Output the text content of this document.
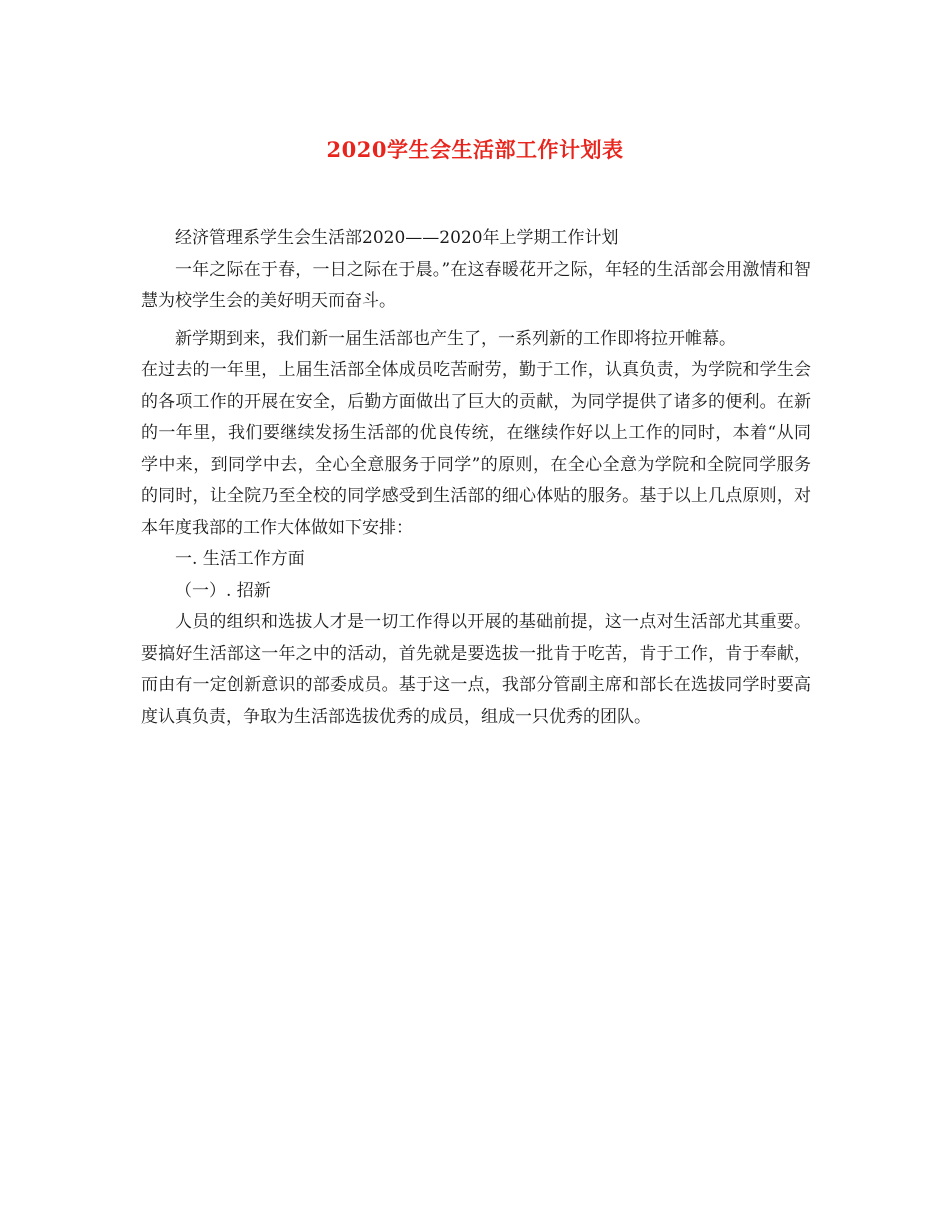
2020学生会生活部工作计划表

经济管理系学生会生活部2020——2020年上学期工作计划

一年之际在于春，一日之际在于晨。”在这春暖花开之际，年轻的生活部会用激情和智慧为校学生会的美好明天而奋斗。

新学期到来，我们新一届生活部也产生了，一系列新的工作即将拉开帷幕。

在过去的一年里，上届生活部全体成员吃苦耐劳，勤于工作，认真负责，为学院和学生会的各项工作的开展在安全，后勤方面做出了巨大的贡献，为同学提供了诸多的便利。在新的一年里，我们要继续发扬生活部的优良传统，在继续作好以上工作的同时，本着“从同学中来，到同学中去，全心全意服务于同学”的原则，在全心全意为学院和全院同学服务的同时，让全院乃至全校的同学感受到生活部的细心体贴的服务。基于以上几点原则，对本年度我部的工作大体做如下安排：

一. 生活工作方面

（一）. 招新

人员的组织和选拔人才是一切工作得以开展的基础前提，这一点对生活部尤其重要。要搞好生活部这一年之中的活动，首先就是要选拔一批肯于吃苦，肯于工作，肯于奉献，而由有一定创新意识的部委成员。基于这一点，我部分管副主席和部长在选拔同学时要高度认真负责，争取为生活部选拔优秀的成员，组成一只优秀的团队。
